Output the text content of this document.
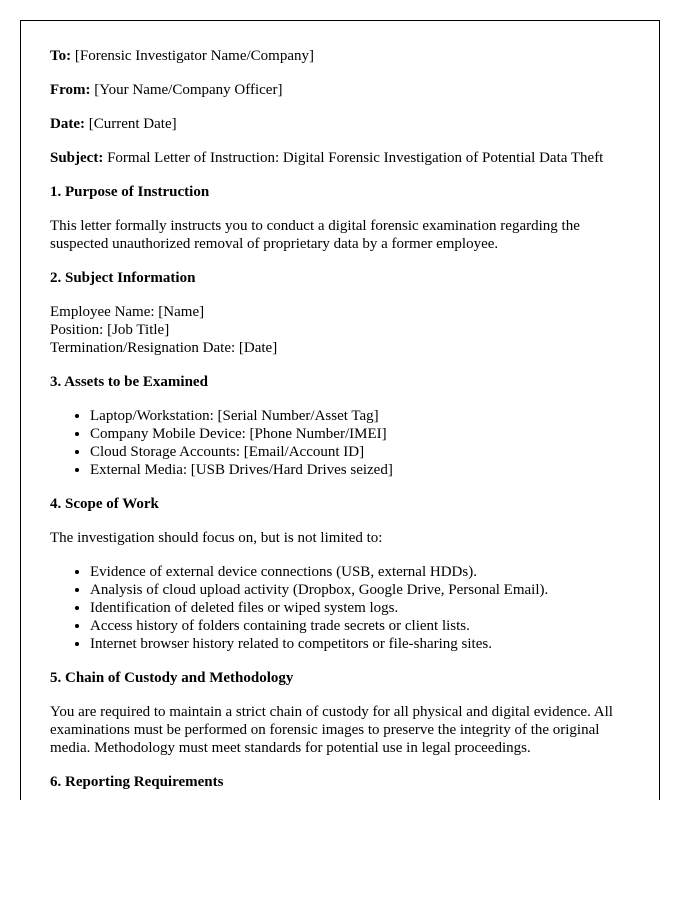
To: [Forensic Investigator Name/Company]

From: [Your Name/Company Officer]

Date: [Current Date]

Subject: Formal Letter of Instruction: Digital Forensic Investigation of Potential Data Theft

1. Purpose of Instruction

This letter formally instructs you to conduct a digital forensic examination regarding the suspected unauthorized removal of proprietary data by a former employee.

2. Subject Information

Employee Name: [Name]
Position: [Job Title]
Termination/Resignation Date: [Date]

3. Assets to be Examined
• Laptop/Workstation: [Serial Number/Asset Tag]
• Company Mobile Device: [Phone Number/IMEI]
• Cloud Storage Accounts: [Email/Account ID]
• External Media: [USB Drives/Hard Drives seized]
4. Scope of Work

The investigation should focus on, but is not limited to:

• Evidence of external device connections (USB, external HDDs).
• Analysis of cloud upload activity (Dropbox, Google Drive, Personal Email).
• Identification of deleted files or wiped system logs.
• Access history of folders containing trade secrets or client lists.
• Internet browser history related to competitors or file-sharing sites.
5. Chain of Custody and Methodology

You are required to maintain a strict chain of custody for all physical and digital evidence. All examinations must be performed on forensic images to preserve the integrity of the original media. Methodology must meet standards for potential use in legal proceedings.

6. Reporting Requirements
